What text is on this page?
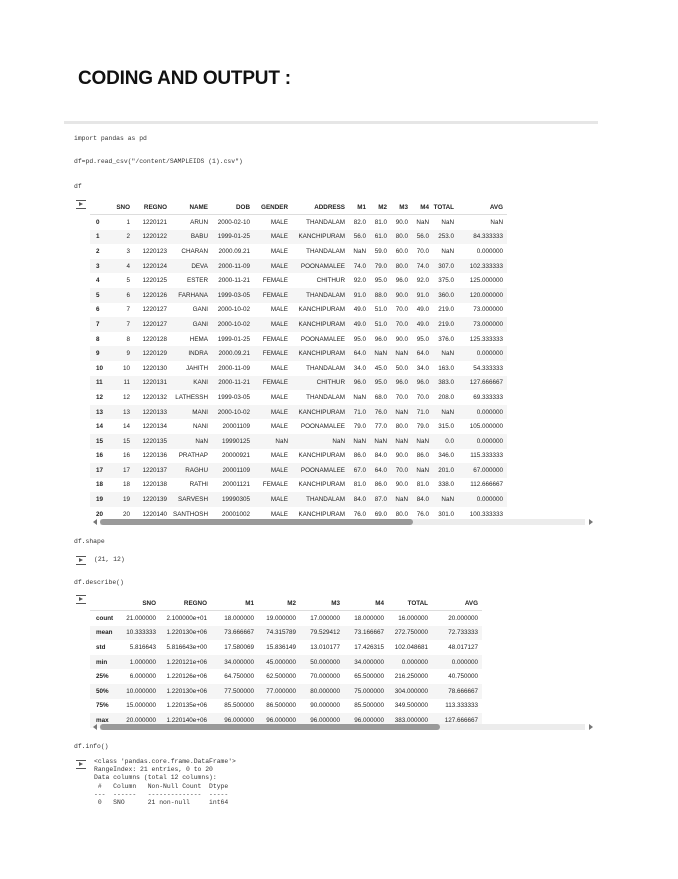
CODING AND OUTPUT :
import pandas as pd
df=pd.read_csv("/content/SAMPLEIDS (1).csv")
df
	SNO	REGNO	NAME	DOB	GENDER	ADDRESS	M1	M2	M3	M4	TOTAL	AVG
0	1	1220121	ARUN	2000-02-10	MALE	THANDALAM	82.0	81.0	90.0	NaN	NaN	NaN
1	2	1220122	BABU	1999-01-25	MALE	KANCHIPURAM	56.0	61.0	80.0	56.0	253.0	84.333333
2	3	1220123	CHARAN	2000.09.21	MALE	THANDALAM	NaN	59.0	60.0	70.0	NaN	0.000000
3	4	1220124	DEVA	2000-11-09	MALE	POONAMALEE	74.0	79.0	80.0	74.0	307.0	102.333333
4	5	1220125	ESTER	2000-11-21	FEMALE	CHITHUR	92.0	95.0	96.0	92.0	375.0	125.000000
5	6	1220126	FARHANA	1999-03-05	FEMALE	THANDALAM	91.0	88.0	90.0	91.0	360.0	120.000000
6	7	1220127	GANI	2000-10-02	MALE	KANCHIPURAM	49.0	51.0	70.0	49.0	219.0	73.000000
7	7	1220127	GANI	2000-10-02	MALE	KANCHIPURAM	49.0	51.0	70.0	49.0	219.0	73.000000
8	8	1220128	HEMA	1999-01-25	FEMALE	POONAMALEE	95.0	96.0	90.0	95.0	376.0	125.333333
9	9	1220129	INDRA	2000.09.21	FEMALE	KANCHIPURAM	64.0	NaN	NaN	64.0	NaN	0.000000
10	10	1220130	JAHITH	2000-11-09	MALE	THANDALAM	34.0	45.0	50.0	34.0	163.0	54.333333
11	11	1220131	KANI	2000-11-21	FEMALE	CHITHUR	96.0	95.0	96.0	96.0	383.0	127.666667
12	12	1220132	LATHESSH	1999-03-05	MALE	THANDALAM	NaN	68.0	70.0	70.0	208.0	69.333333
13	13	1220133	MANI	2000-10-02	MALE	KANCHIPURAM	71.0	76.0	NaN	71.0	NaN	0.000000
14	14	1220134	NANI	20001109	MALE	POONAMALEE	79.0	77.0	80.0	79.0	315.0	105.000000
15	15	1220135	NaN	19990125	NaN	NaN	NaN	NaN	NaN	NaN	0.0	0.000000
16	16	1220136	PRATHAP	20000921	MALE	KANCHIPURAM	86.0	84.0	90.0	86.0	346.0	115.333333
17	17	1220137	RAGHU	20001109	MALE	POONAMALEE	67.0	64.0	70.0	NaN	201.0	67.000000
18	18	1220138	RATHI	20001121	FEMALE	KANCHIPURAM	81.0	86.0	90.0	81.0	338.0	112.666667
19	19	1220139	SARVESH	19990305	MALE	THANDALAM	84.0	87.0	NaN	84.0	NaN	0.000000
20	20	1220140	SANTHOSH	20001002	MALE	KANCHIPURAM	76.0	69.0	80.0	76.0	301.0	100.333333
df.shape
(21, 12)
df.describe()
	SNO	REGNO	M1	M2	M3	M4	TOTAL	AVG
count	21.000000	2.100000e+01	18.000000	19.000000	17.000000	18.000000	16.000000	20.000000
mean	10.333333	1.220130e+06	73.666667	74.315789	79.529412	73.166667	272.750000	72.733333
std	5.816643	5.816643e+00	17.580069	15.836149	13.010177	17.426315	102.048681	48.017127
min	1.000000	1.220121e+06	34.000000	45.000000	50.000000	34.000000	0.000000	0.000000
25%	6.000000	1.220126e+06	64.750000	62.500000	70.000000	65.500000	216.250000	40.750000
50%	10.000000	1.220130e+06	77.500000	77.000000	80.000000	75.000000	304.000000	78.666667
75%	15.000000	1.220135e+06	85.500000	86.500000	90.000000	85.500000	349.500000	113.333333
max	20.000000	1.220140e+06	96.000000	96.000000	96.000000	96.000000	383.000000	127.666667
df.info()
<class 'pandas.core.frame.DataFrame'>
RangeIndex: 21 entries, 0 to 20
Data columns (total 12 columns):
#   Column   Non-Null Count  Dtype
---  ------   --------------  -----
0   SNO      21 non-null     int64
